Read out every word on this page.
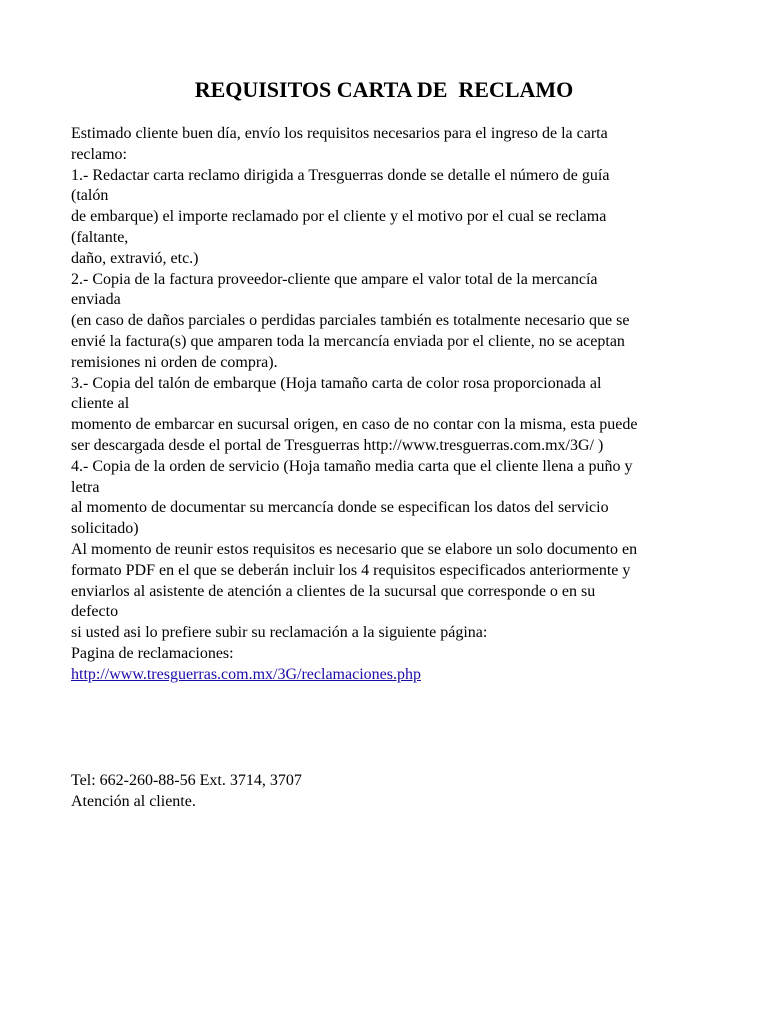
REQUISITOS CARTA DE  RECLAMO
Estimado cliente buen día, envío los requisitos necesarios para el ingreso de la carta
reclamo:
1.- Redactar carta reclamo dirigida a Tresguerras donde se detalle el número de guía
(talón
de embarque) el importe reclamado por el cliente y el motivo por el cual se reclama
(faltante,
daño, extravió, etc.)
2.- Copia de la factura proveedor-cliente que ampare el valor total de la mercancía
enviada
(en caso de daños parciales o perdidas parciales también es totalmente necesario que se
envié la factura(s) que amparen toda la mercancía enviada por el cliente, no se aceptan
remisiones ni orden de compra).
3.- Copia del talón de embarque (Hoja tamaño carta de color rosa proporcionada al
cliente al
momento de embarcar en sucursal origen, en caso de no contar con la misma, esta puede
ser descargada desde el portal de Tresguerras http://www.tresguerras.com.mx/3G/ )
4.- Copia de la orden de servicio (Hoja tamaño media carta que el cliente llena a puño y
letra
al momento de documentar su mercancía donde se especifican los datos del servicio
solicitado)
Al momento de reunir estos requisitos es necesario que se elabore un solo documento en
formato PDF en el que se deberán incluir los 4 requisitos especificados anteriormente y
enviarlos al asistente de atención a clientes de la sucursal que corresponde o en su
defecto
si usted asi lo prefiere subir su reclamación a la siguiente página:
Pagina de reclamaciones:
http://www.tresguerras.com.mx/3G/reclamaciones.php
Tel: 662-260-88-56 Ext. 3714, 3707
Atención al cliente.
